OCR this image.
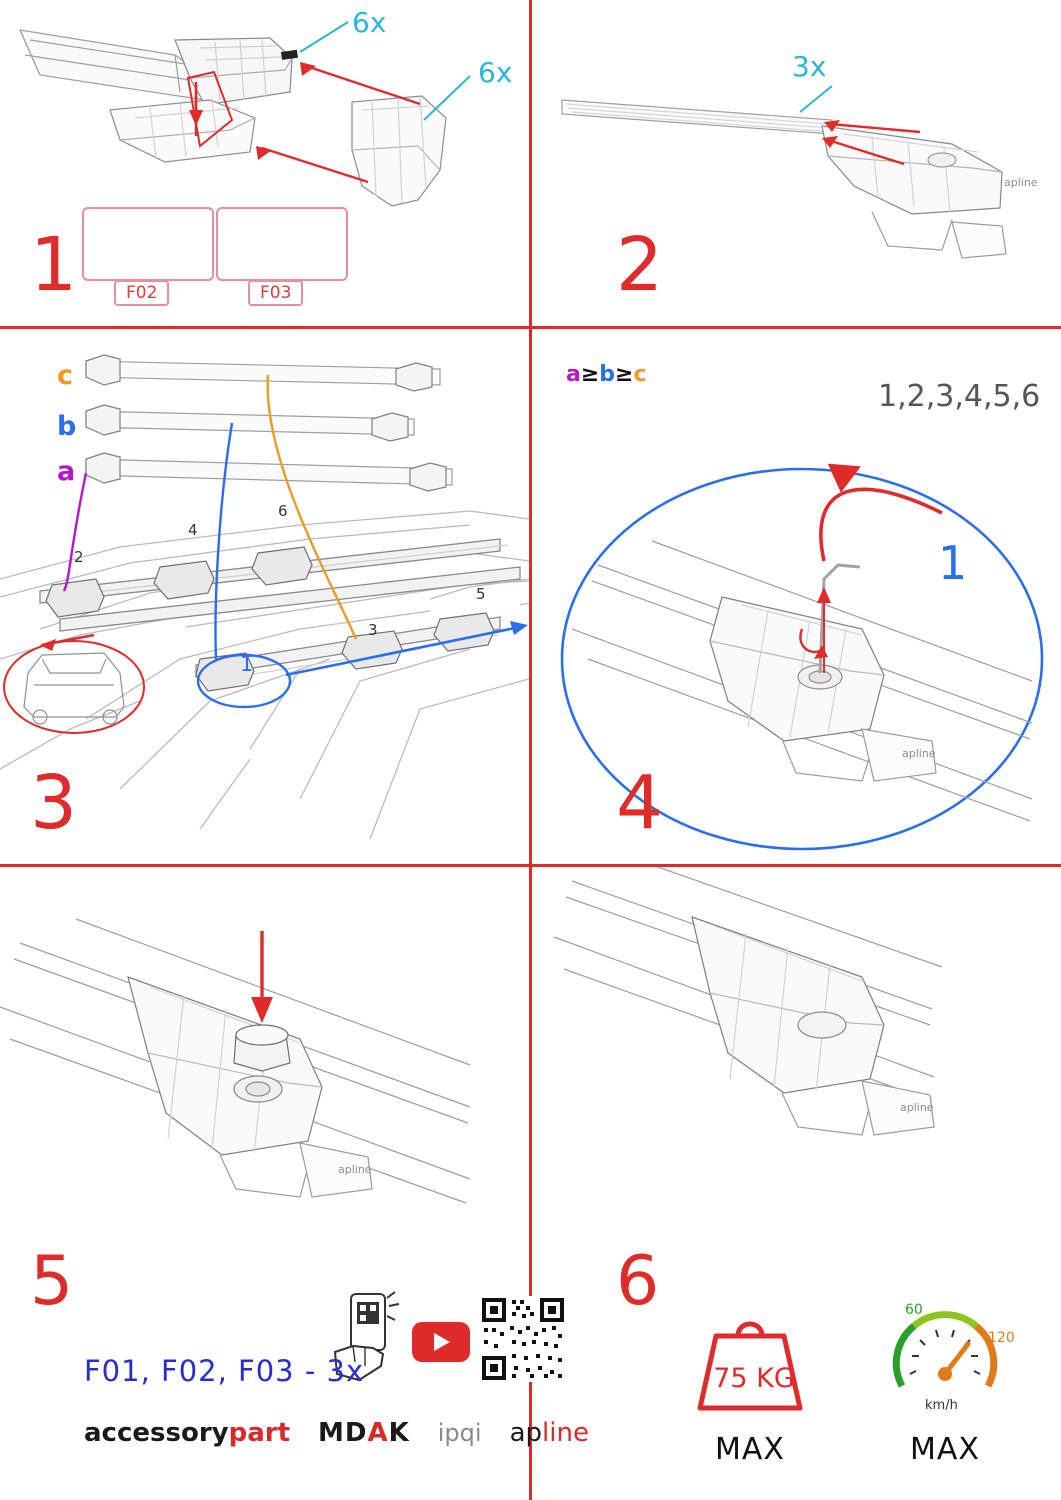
F02	F03
6x
6x
apline
3x
c
b
a
2
4
6
3
5
1
a≥b≥c
apline
1,2,3,4,5,6
1
apline
F01, F02, F03 - 3x
accessorypart MDAK ipqi apline
apline
75 KG
MAX
60
120
km/h
MAX
1	2
3	4
5	6
